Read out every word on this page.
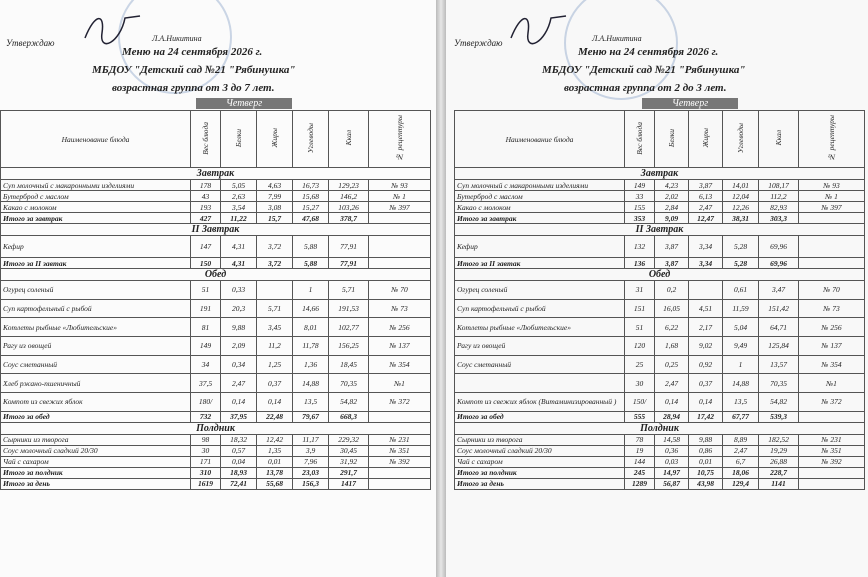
Утверждаю	Л.А.Никитина
Меню на 24 сентября 2026 г.
МБДОУ "Детский сад №21 "Рябинушка"
возрастная группа от 3 до 7 лет.
Четверг
Наименование блюда	Вес блюда	Белки	Жиры	Углеводы	Ккал	№ рецептуры
Завтрак						
Суп молочный с макаронными изделиями	178	5,05	4,63	16,73	129,23	№ 93
Бутерброд с маслом	43	2,63	7,99	15,68	146,2	№ 1
Какао с молоком	193	3,54	3,08	15,27	103,26	№ 397
Итого за завтрак	427	11,22	15,7	47,68	378,7	
II Завтрак						
Кефир	147	4,31	3,72	5,88	77,91	
Итого за II завтак	150	4,31	3,72	5,88	77,91	
Обед						
Огурец соленый	51	0,33		1	5,71	№ 70
Суп картофельный с рыбой	191	20,3	5,71	14,66	191,53	№ 73
Котлеты рыбные «Любительские»	81	9,88	3,45	8,01	102,77	№ 256
Рагу из овощей	149	2,09	11,2	11,78	156,25	№ 137
Соус сметанный	34	0,34	1,25	1,36	18,45	№ 354
Хлеб ржано-пшеничный	37,5	2,47	0,37	14,88	70,35	№1
Компот из свежих яблок	180/	0,14	0,14	13,5	54,82	№ 372
Итого за обед	732	37,95	22,48	79,67	668,3	
Полдник						
Сырники из творога	98	18,32	12,42	11,17	229,32	№ 231
Соус молочный сладкий 20/30	30	0,57	1,35	3,9	30,45	№ 351
Чай с сахаром	171	0,04	0,01	7,96	31,92	№ 392
Итого за полдник	310	18,93	13,78	23,03	291,7	
Итого за день	1619	72,41	55,68	156,3	1417	
Утверждаю	Л.А.Никитина
Меню на 24 сентября 2026 г.
МБДОУ "Детский сад №21 "Рябинушка"
возрастная группа от 2 до 3 лет.
Четверг
Наименование блюда	Вес блюда	Белки	Жиры	Углеводы	Ккал	№ рецептуры
Завтрак						
Суп молочный с макаронными изделиями	149	4,23	3,87	14,01	108,17	№ 93
Бутерброд с маслом	33	2,02	6,13	12,04	112,2	№ 1
Какао с молоком	155	2,84	2,47	12,26	82,93	№ 397
Итого за завтрак	353	9,09	12,47	38,31	303,3	
II Завтрак						
Кефир	132	3,87	3,34	5,28	69,96	
Итого за II завтак	136	3,87	3,34	5,28	69,96	
Обед						
Огурец соленый	31	0,2		0,61	3,47	№ 70
Суп картофельный с рыбой	151	16,05	4,51	11,59	151,42	№ 73
Котлеты рыбные «Любительские»	51	6,22	2,17	5,04	64,71	№ 256
Рагу из овощей	120	1,68	9,02	9,49	125,84	№ 137
Соус сметанный	25	0,25	0,92	1	13,57	№ 354
	30	2,47	0,37	14,88	70,35	№1
Компот из свежих яблок (Витаминизированный )	150/	0,14	0,14	13,5	54,82	№ 372
Итого за обед	555	28,94	17,42	67,77	539,3	
Полдник						
Сырники из творога	78	14,58	9,88	8,89	182,52	№ 231
Соус молочный сладкий 20/30	19	0,36	0,86	2,47	19,29	№ 351
Чай с сахаром	144	0,03	0,01	6,7	26,88	№ 392
Итого за полдник	245	14,97	10,75	18,06	228,7	
Итого за день	1289	56,87	43,98	129,4	1141	
